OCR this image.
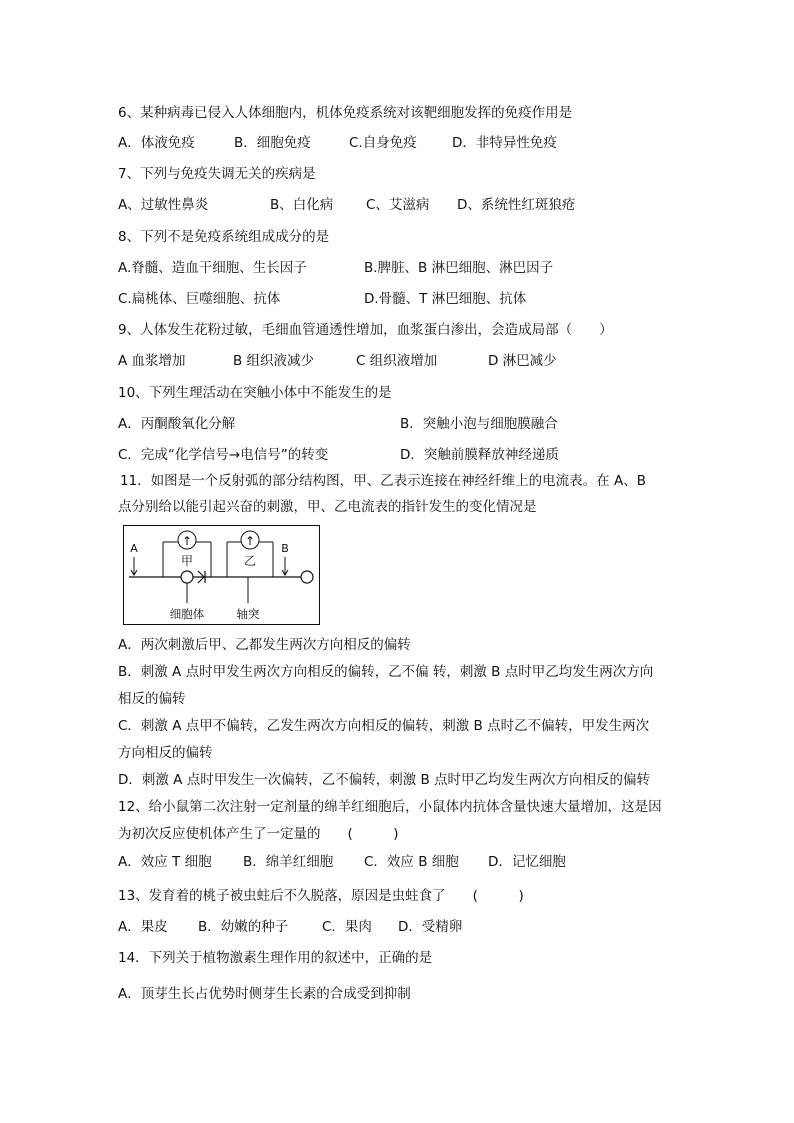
6、某种病毒已侵入人体细胞内，机体免疫系统对该靶细胞发挥的免疫作用是
A．体液免疫	B．细胞免疫	C.自身免疫	D．非特异性免疫
7、下列与免疫失调无关的疾病是
A、过敏性鼻炎	B、白化病 C、艾滋病 D、系统性红斑狼疮
8、下列不是免疫系统组成成分的是
A.脊髓、造血干细胞、生长因子	B.脾脏、B 淋巴细胞、淋巴因子
C.扁桃体、巨噬细胞、抗体	D.骨髓、T 淋巴细胞、抗体
9、人体发生花粉过敏，毛细血管通透性增加，血浆蛋白渗出，会造成局部（　　）
A 血浆增加	B 组织液减少	C 组织液增加	D 淋巴减少
10、下列生理活动在突触小体中不能发生的是
A．丙酮酸氧化分解	B．突触小泡与细胞膜融合
C．完成“化学信号→电信号”的转变	D．突触前膜释放神经递质
11．如图是一个反射弧的部分结构图，甲、乙表示连接在神经纤维上的电流表。在 A、B
点分别给以能引起兴奋的刺激，甲、乙电流表的指针发生的变化情况是
↑
甲
↑
乙
A	B
细胞体	轴突
A．两次刺激后甲、乙都发生两次方向相反的偏转
B．刺激 A 点时甲发生两次方向相反的偏转，乙不偏 转，刺激 B 点时甲乙均发生两次方向
相反的偏转
C．刺激 A 点甲不偏转，乙发生两次方向相反的偏转，刺激 B 点时乙不偏转，甲发生两次
方向相反的偏转
D．刺激 A 点时甲发生一次偏转，乙不偏转，刺激 B 点时甲乙均发生两次方向相反的偏转
12、给小鼠第二次注射一定剂量的绵羊红细胞后，小鼠体内抗体含量快速大量增加，这是因
为初次反应使机体产生了一定量的　　(　　　)
A．效应 T 细胞 B．绵羊红细胞 C．效应 B 细胞 D．记忆细胞
13、发育着的桃子被虫蛀后不久脱落，原因是虫蛀食了　　(　　　)
A．果皮 B．幼嫩的种子 C．果肉 D．受精卵
14．下列关于植物激素生理作用的叙述中，正确的是
A．顶芽生长占优势时侧芽生长素的合成受到抑制
